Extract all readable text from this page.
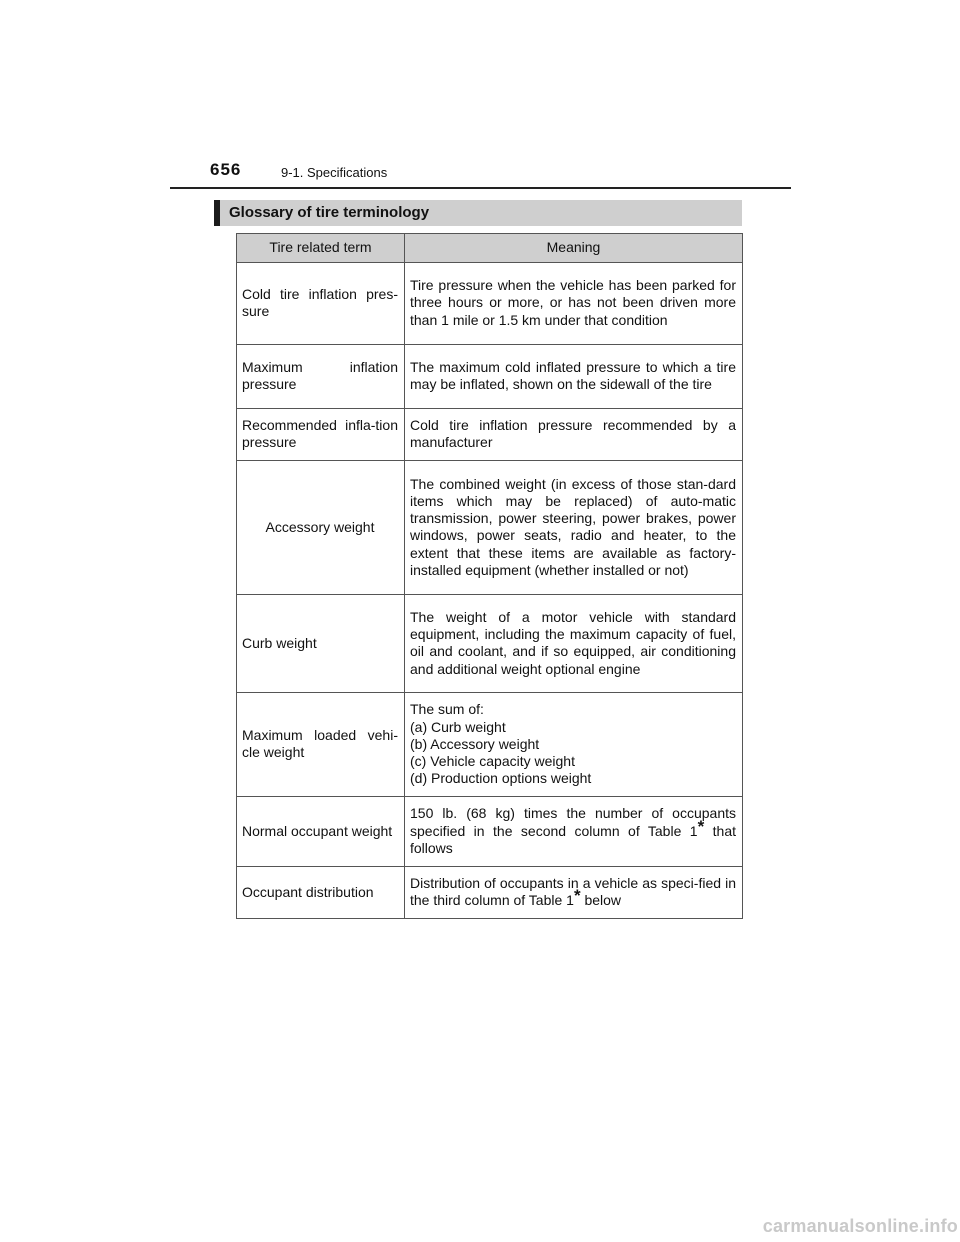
656	9-1. Specifications
Glossary of tire terminology
Tire related term	Meaning
Cold tire inflation pres-sure	Tire pressure when the vehicle has been parked for three hours or more, or has not been driven more than 1 mile or 1.5 km under that condition
Maximum inflation pressure	The maximum cold inflated pressure to which a tire may be inflated, shown on the sidewall of the tire
Recommended infla-tion pressure	Cold tire inflation pressure recommended by a manufacturer
Accessory weight	The combined weight (in excess of those stan-dard items which may be replaced) of auto-matic transmission, power steering, power brakes, power windows, power seats, radio and heater, to the extent that these items are available as factory-installed equipment (whether installed or not)
Curb weight	The weight of a motor vehicle with standard equipment, including the maximum capacity of fuel, oil and coolant, and if so equipped, air conditioning and additional weight optional engine
Maximum loaded vehi-cle weight	The sum of:
(a) Curb weight
(b) Accessory weight
(c) Vehicle capacity weight
(d) Production options weight

Normal occupant weight	150 lb. (68 kg) times the number of occupants specified in the second column of Table 1* that follows
Occupant distribution	Distribution of occupants in a vehicle as speci-fied in the third column of Table 1* below
carmanualsonline.info
